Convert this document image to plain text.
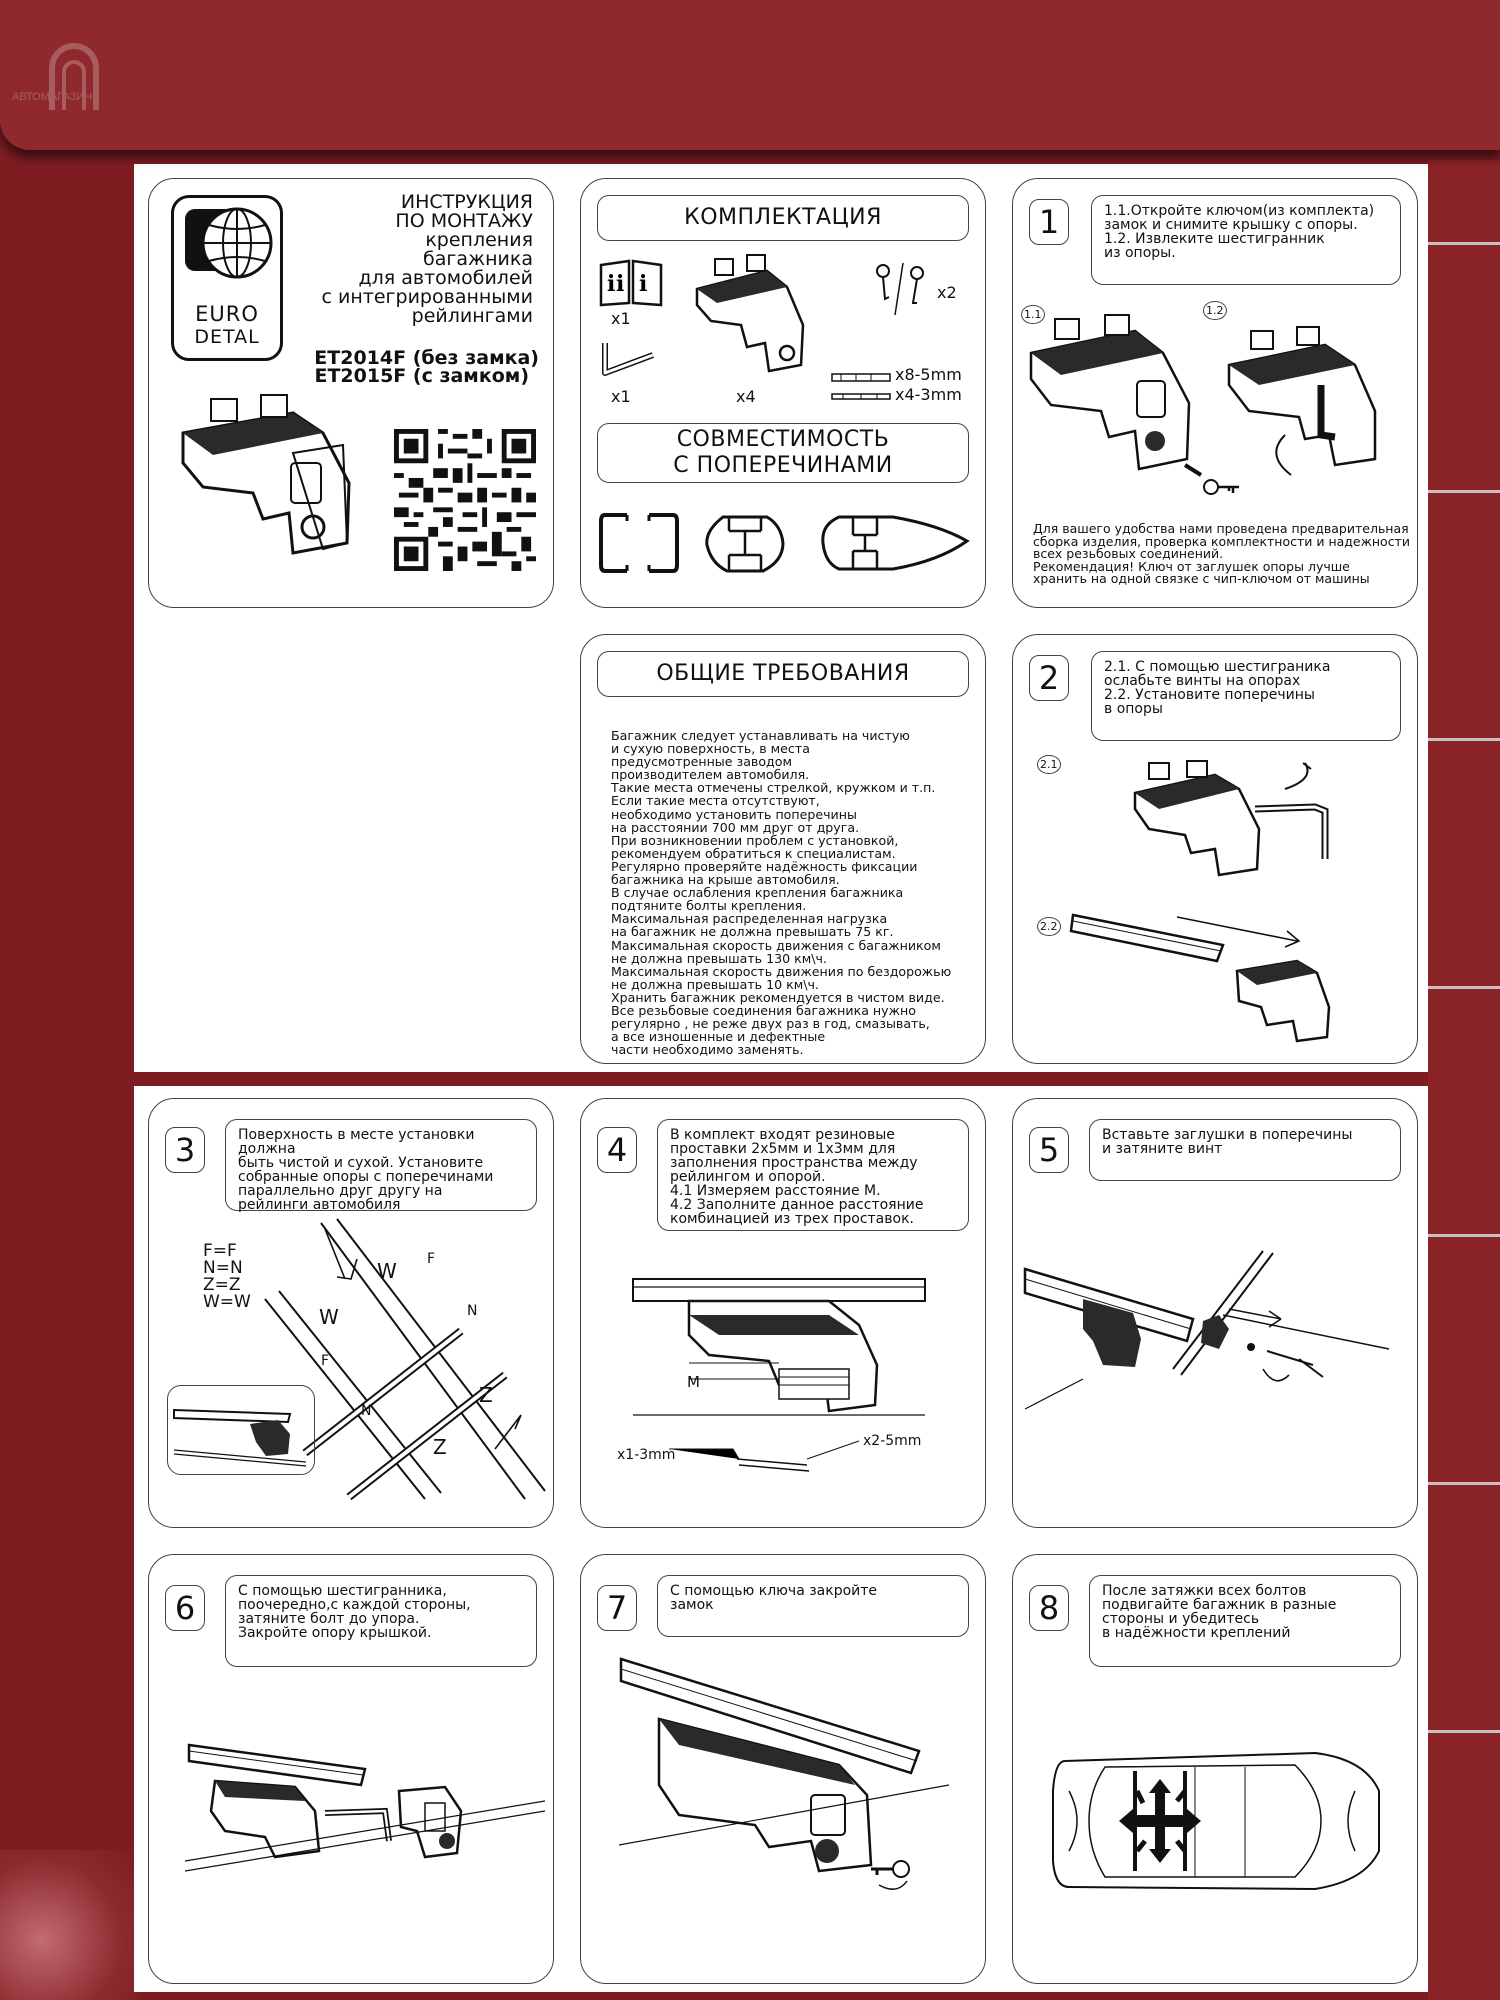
АВТОМАГАЗИН
EURO
DETAL
ИНСТРУКЦИЯ
ПО МОНТАЖУ
крепления
багажника
для автомобилей
с интегрированными
рейлингами
ET2014F (без замка)
ET2015F (с замком)
КОМПЛЕКТАЦИЯ
i i i
x1
x1	x4
x2
x8-5mm
x4-3mm
СОВМЕСТИМОСТЬ
С ПОПЕРЕЧИНАМИ
1	1.1.Откройте ключом(из комплекта)
замок и снимите крышку с опоры.
1.2. Извлеките шестигранник
из опоры.
1.1	1.2
Для вашего удобства нами проведена предварительная
сборка изделия, проверка комплектности и надежности
всех резьбовых соединений.
Рекомендация! Ключ от заглушек опоры лучше
хранить на одной связке с чип-ключом от машины
ОБЩИЕ ТРЕБОВАНИЯ
Багажник следует устанавливать на чистую
и сухую поверхность, в места
предусмотренные заводом
производителем автомобиля.
Такие места отмечены стрелкой, кружком и т.п.
Если такие места отсутствуют,
необходимо установить поперечины
на расстоянии 700 мм друг от друга.
При возникновении проблем с установкой,
рекомендуем обратиться к специалистам.
Регулярно проверяйте надёжность фиксации
багажника на крыше автомобиля.
В случае ослабления крепления багажника
подтяните болты крепления.
Максимальная распределенная нагрузка
на багажник не должна превышать 75 кг.
Максимальная скорость движения с багажником
не должна превышать 130 км\ч.
Максимальная скорость движения по бездорожью
не должна превышать 10 км\ч.
Хранить багажник рекомендуется в чистом виде.
Все резьбовые соединения багажника нужно
регулярно , не реже двух раз в год, смазывать,
а все изношенные и дефектные
части необходимо заменять.
2	2.1. С помощью шестиграника
ослабьте винты на опорах
2.2. Установите поперечины
в опоры
2.1
2.2
3	Поверхность в месте установки должна
быть чистой и сухой. Установите
собранные опоры с поперечинами
параллельно друг другу на
рейлинги автомобиля
F=F
N=N
Z=Z
W=W
W
W
F
F
N
N
Z
Z
4	В комплект входят резиновые
проставки 2х5мм и 1х3мм для
заполнения пространства между
рейлингом и опорой.
4.1 Измеряем расстояние М.
4.2 Заполните данное расстояние
комбинацией из трех проставок.
M
x1-3mm
x2-5mm
5	Вставьте заглушки в поперечины
и затяните винт
6	С помощью шестигранника,
поочередно,с каждой стороны,
затяните болт до упора.
Закройте опору крышкой.
7	С помощью ключа закройте
замок	8	После затяжки всех болтов
подвигайте багажник в разные
стороны и убедитесь
в надёжности креплений
